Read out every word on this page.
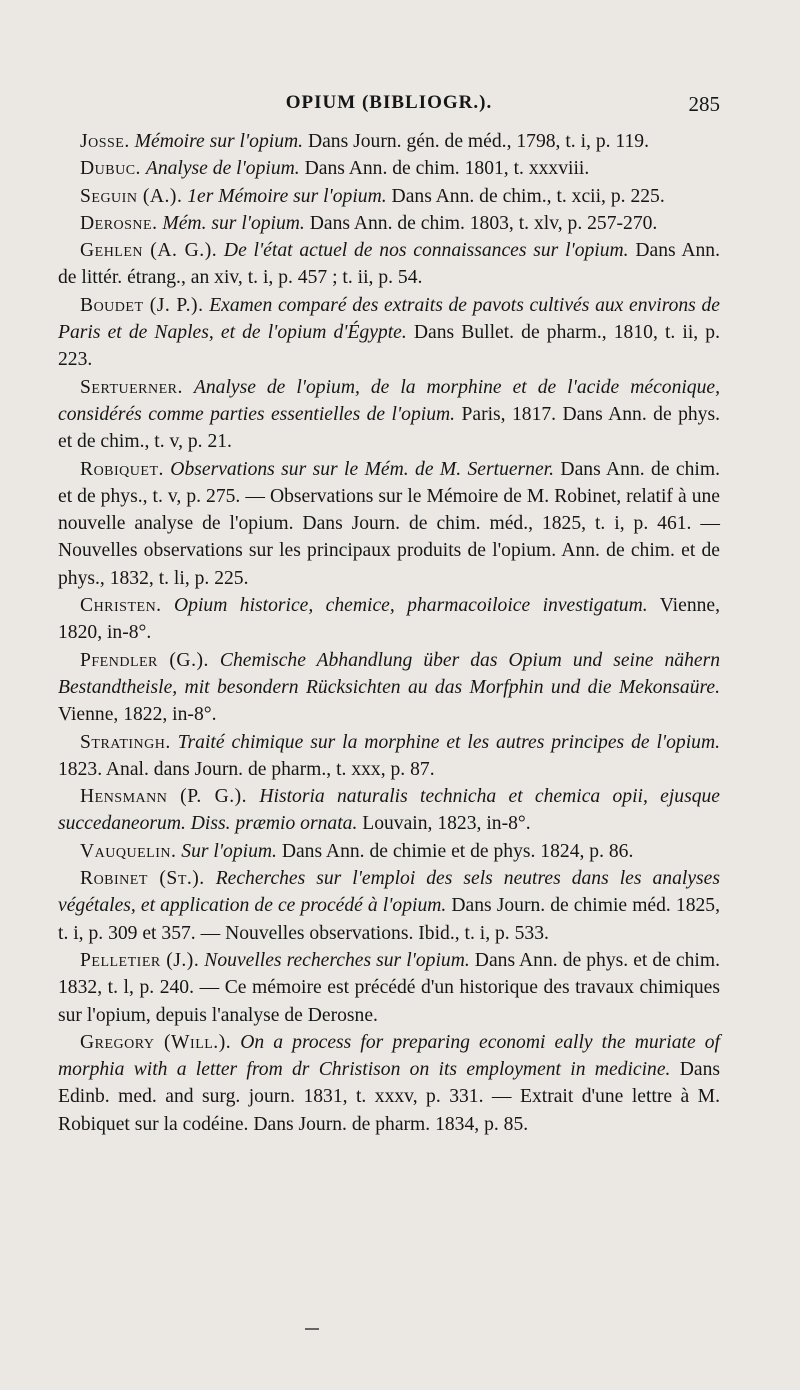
OPIUM (BIBLIOGR.).	285

Josse. Mémoire sur l'opium. Dans Journ. gén. de méd., 1798, t. i, p. 119.

Dubuc. Analyse de l'opium. Dans Ann. de chim. 1801, t. xxxviii.

Seguin (A.). 1er Mémoire sur l'opium. Dans Ann. de chim., t. xcii, p. 225.

Derosne. Mém. sur l'opium. Dans Ann. de chim. 1803, t. xlv, p. 257-270.

Gehlen (A. G.). De l'état actuel de nos connaissances sur l'opium. Dans Ann. de littér. étrang., an xiv, t. i, p. 457 ; t. ii, p. 54.

Boudet (J. P.). Examen comparé des extraits de pavots cultivés aux environs de Paris et de Naples, et de l'opium d'Égypte. Dans Bullet. de pharm., 1810, t. ii, p. 223.

Sertuerner. Analyse de l'opium, de la morphine et de l'acide méconique, considérés comme parties essentielles de l'opium. Paris, 1817. Dans Ann. de phys. et de chim., t. v, p. 21.

Robiquet. Observations sur sur le Mém. de M. Sertuerner. Dans Ann. de chim. et de phys., t. v, p. 275. — Observations sur le Mémoire de M. Robinet, relatif à une nouvelle analyse de l'opium. Dans Journ. de chim. méd., 1825, t. i, p. 461. — Nouvelles observations sur les principaux produits de l'opium. Ann. de chim. et de phys., 1832, t. li, p. 225.

Christen. Opium historice, chemice, pharmacoiloice investigatum. Vienne, 1820, in-8°.

Pfendler (G.). Chemische Abhandlung über das Opium und seine nähern Bestandtheisle, mit besondern Rücksichten au das Morfphin und die Mekonsaüre. Vienne, 1822, in-8°.

Stratingh. Traité chimique sur la morphine et les autres principes de l'opium. 1823. Anal. dans Journ. de pharm., t. xxx, p. 87.

Hensmann (P. G.). Historia naturalis technicha et chemica opii, ejusque succedaneorum. Diss. præmio ornata. Louvain, 1823, in-8°.

Vauquelin. Sur l'opium. Dans Ann. de chimie et de phys. 1824, p. 86.

Robinet (St.). Recherches sur l'emploi des sels neutres dans les analyses végétales, et application de ce procédé à l'opium. Dans Journ. de chimie méd. 1825, t. i, p. 309 et 357. — Nouvelles observations. Ibid., t. i, p. 533.

Pelletier (J.). Nouvelles recherches sur l'opium. Dans Ann. de phys. et de chim. 1832, t. l, p. 240. — Ce mémoire est précédé d'un historique des travaux chimiques sur l'opium, depuis l'analyse de Derosne.

Gregory (Will.). On a process for preparing economi eally the muriate of morphia with a letter from dr Christison on its employment in medicine. Dans Edinb. med. and surg. journ. 1831, t. xxxv, p. 331. — Extrait d'une lettre à M. Robiquet sur la codéine. Dans Journ. de pharm. 1834, p. 85.
